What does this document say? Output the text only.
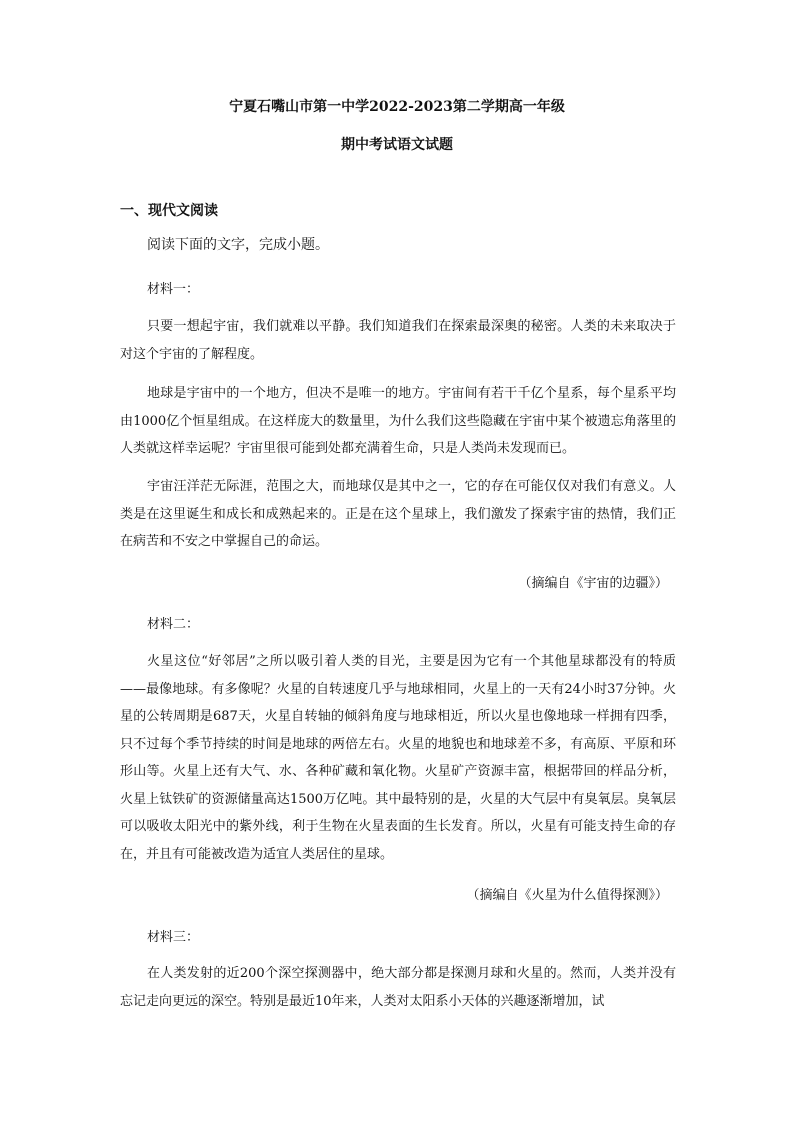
宁夏石嘴山市第一中学2022-2023第二学期高一年级
期中考试语文试题
一、现代文阅读
阅读下面的文字，完成小题。
材料一：

只要一想起宇宙，我们就难以平静。我们知道我们在探索最深奥的秘密。人类的未来取决于对这个宇宙的了解程度。

地球是宇宙中的一个地方，但决不是唯一的地方。宇宙间有若干千亿个星系，每个星系平均由1000亿个恒星组成。在这样庞大的数量里，为什么我们这些隐藏在宇宙中某个被遗忘角落里的人类就这样幸运呢？宇宙里很可能到处都充满着生命，只是人类尚未发现而已。

宇宙汪洋茫无际涯，范围之大，而地球仅是其中之一，它的存在可能仅仅对我们有意义。人类是在这里诞生和成长和成熟起来的。正是在这个星球上，我们激发了探索宇宙的热情，我们正在病苦和不安之中掌握自己的命运。

（摘编自《宇宙的边疆》）
材料二：

火星这位“好邻居”之所以吸引着人类的目光，主要是因为它有一个其他星球都没有的特质——最像地球。有多像呢？火星的自转速度几乎与地球相同，火星上的一天有24小时37分钟。火星的公转周期是687天，火星自转轴的倾斜角度与地球相近，所以火星也像地球一样拥有四季，只不过每个季节持续的时间是地球的两倍左右。火星的地貌也和地球差不多，有高原、平原和环形山等。火星上还有大气、水、各种矿藏和氧化物。火星矿产资源丰富，根据带回的样品分析，火星上钛铁矿的资源储量高达1500万亿吨。其中最特别的是，火星的大气层中有臭氧层。臭氧层可以吸收太阳光中的紫外线，利于生物在火星表面的生长发育。所以，火星有可能支持生命的存在，并且有可能被改造为适宜人类居住的星球。

（摘编自《火星为什么值得探测》）
材料三：

在人类发射的近200个深空探测器中，绝大部分都是探测月球和火星的。然而，人类并没有忘记走向更远的深空。特别是最近10年来，人类对太阳系小天体的兴趣逐渐增加，试
